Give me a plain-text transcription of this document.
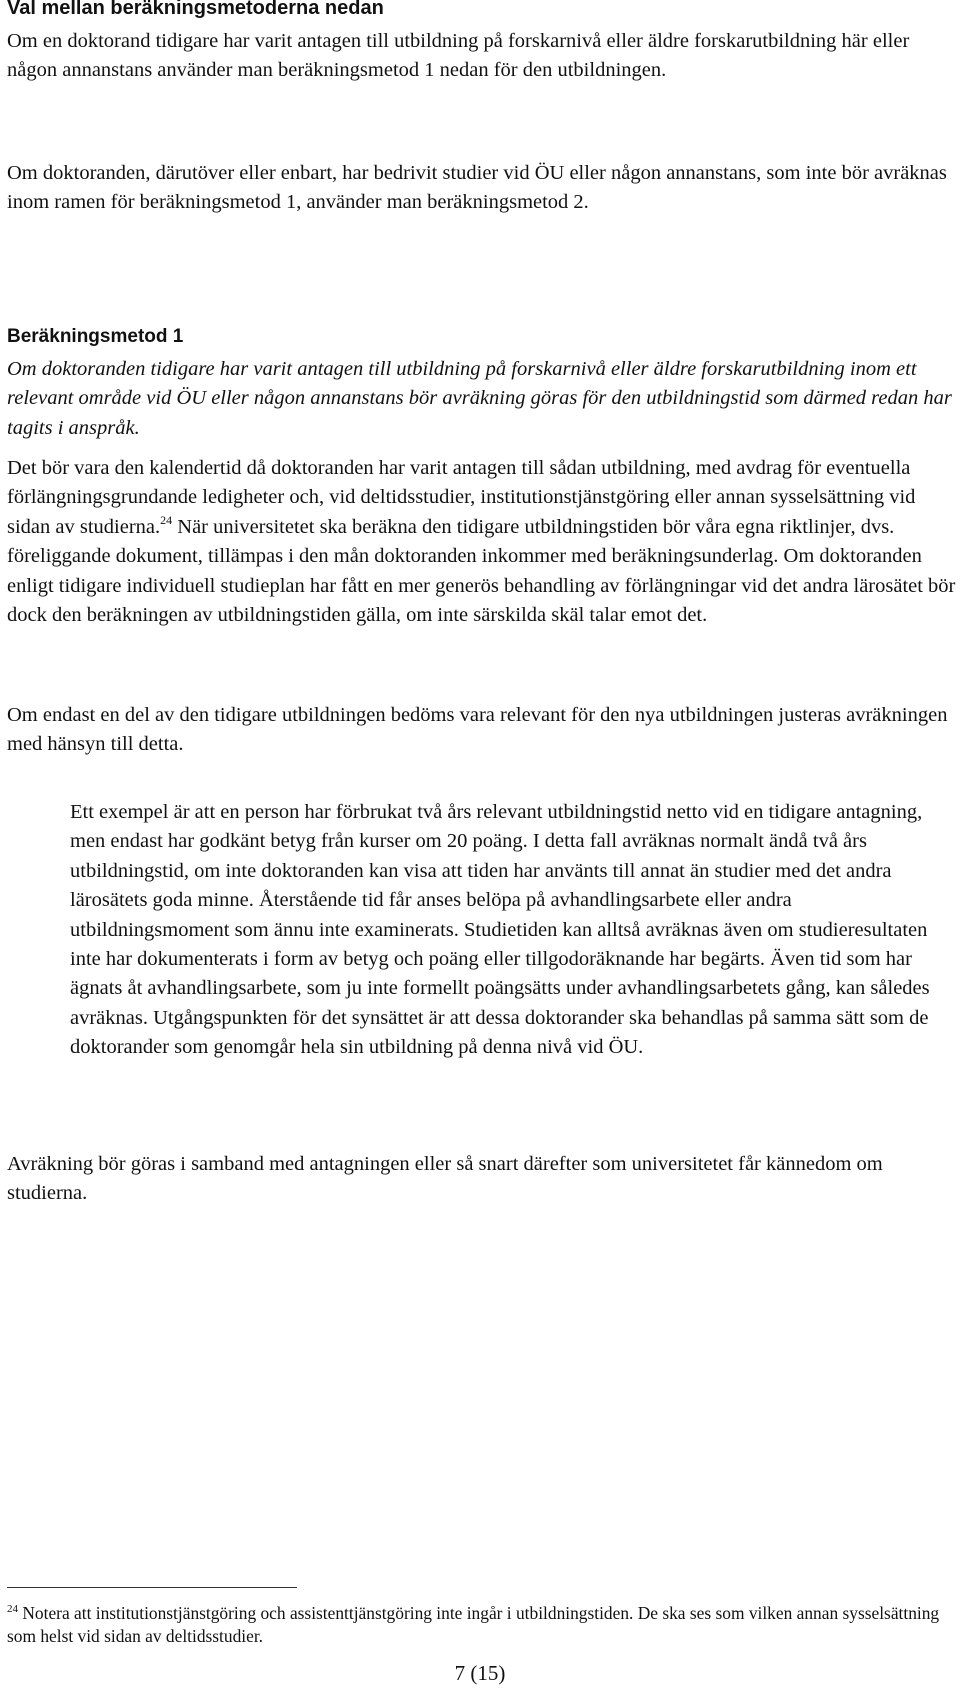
Val mellan beräkningsmetoderna nedan

Om en doktorand tidigare har varit antagen till utbildning på forskarnivå eller äldre forskarutbildning här eller någon annanstans använder man beräkningsmetod 1 nedan för den utbildningen.

Om doktoranden, därutöver eller enbart, har bedrivit studier vid ÖU eller någon annanstans, som inte bör avräknas inom ramen för beräkningsmetod 1, använder man beräkningsmetod 2.

Beräkningsmetod 1

Om doktoranden tidigare har varit antagen till utbildning på forskarnivå eller äldre forskarutbildning inom ett relevant område vid ÖU eller någon annanstans bör avräkning göras för den utbildningstid som därmed redan har tagits i anspråk.

Det bör vara den kalendertid då doktoranden har varit antagen till sådan utbildning, med avdrag för eventuella förlängningsgrundande ledigheter och, vid deltidsstudier, institutionstjänstgöring eller annan sysselsättning vid sidan av studierna.$^{24}$ När universitetet ska beräkna den tidigare utbildningstiden bör våra egna riktlinjer, dvs. föreliggande dokument, tillämpas i den mån doktoranden inkommer med beräkningsunderlag. Om doktoranden enligt tidigare individuell studieplan har fått en mer generös behandling av förlängningar vid det andra lärosätet bör dock den beräkningen av utbildningstiden gälla, om inte särskilda skäl talar emot det.

Om endast en del av den tidigare utbildningen bedöms vara relevant för den nya utbildningen justeras avräkningen med hänsyn till detta.

Ett exempel är att en person har förbrukat två års relevant utbildningstid netto vid en tidigare antagning, men endast har godkänt betyg från kurser om 20 poäng. I detta fall avräknas normalt ändå två års utbildningstid, om inte doktoranden kan visa att tiden har använts till annat än studier med det andra lärosätets goda minne. Återstående tid får anses belöpa på avhandlingsarbete eller andra utbildningsmoment som ännu inte examinerats. Studietiden kan alltså avräknas även om studieresultaten inte har dokumenterats i form av betyg och poäng eller tillgodoräknande har begärts. Även tid som har ägnats åt avhandlingsarbete, som ju inte formellt poängsätts under avhandlingsarbetets gång, kan således avräknas. Utgångspunkten för det synsättet är att dessa doktorander ska behandlas på samma sätt som de doktorander som genomgår hela sin utbildning på denna nivå vid ÖU.

Avräkning bör göras i samband med antagningen eller så snart därefter som universitetet får kännedom om studierna.

$^{24}$ Notera att institutionstjänstgöring och assistenttjänstgöring inte ingår i utbildningstiden. De ska ses som vilken annan sysselsättning som helst vid sidan av deltidsstudier.

7 (15)
